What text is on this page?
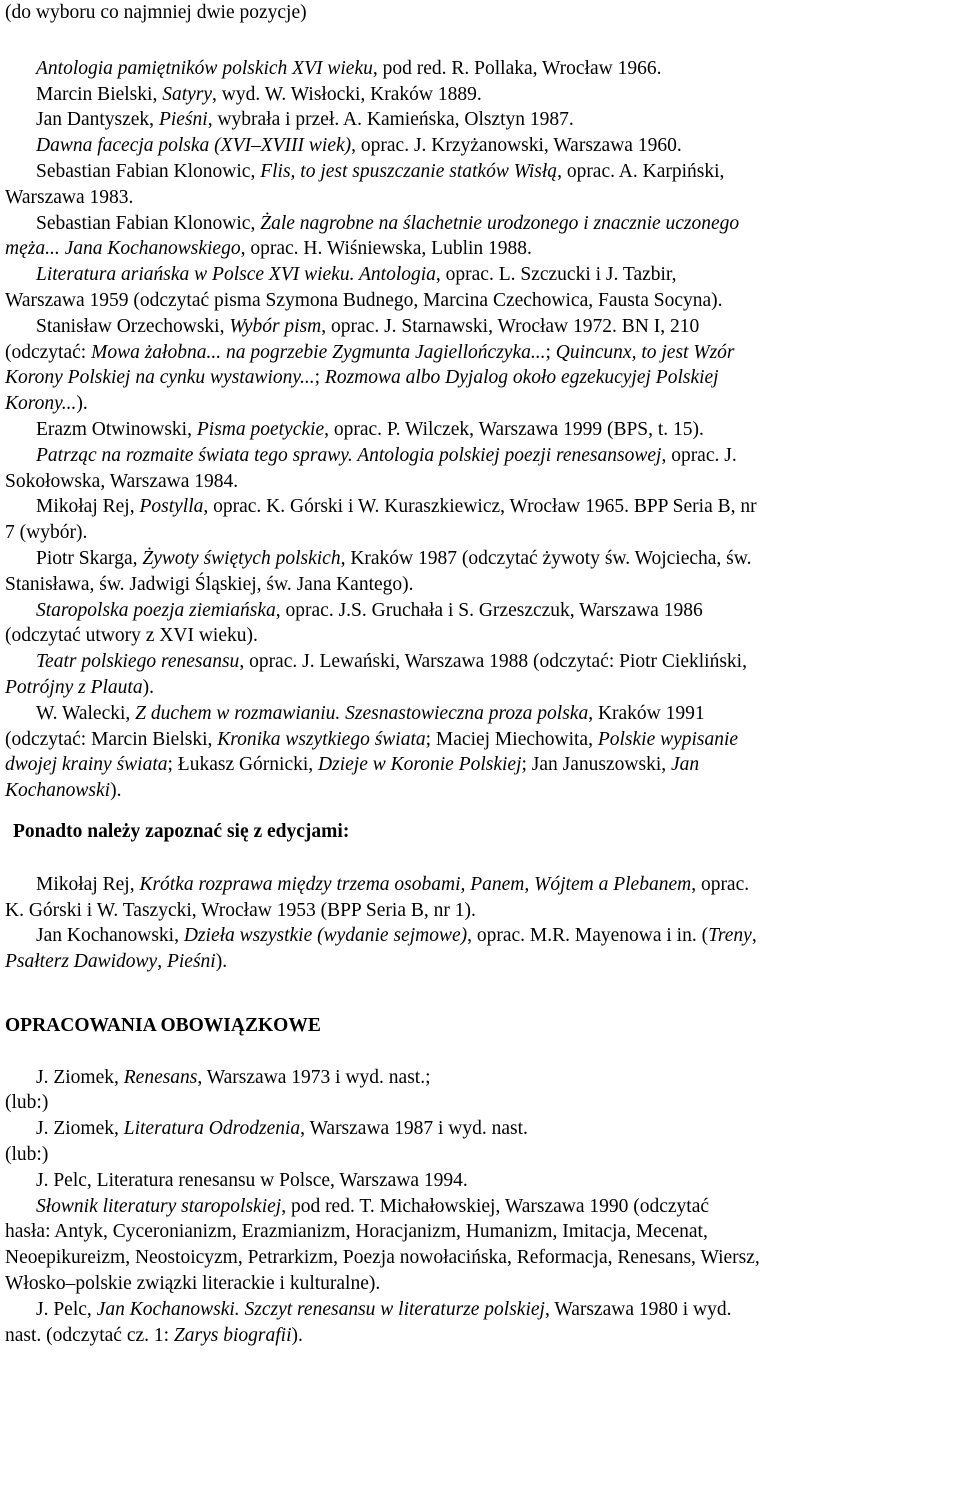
(do wyboru co najmniej dwie pozycje)
Antologia pamiętników polskich XVI wieku, pod red. R. Pollaka, Wrocław 1966.
Marcin Bielski, Satyry, wyd. W. Wisłocki, Kraków 1889.
Jan Dantyszek, Pieśni, wybrała i przeł. A. Kamieńska, Olsztyn 1987.
Dawna facecja polska (XVI–XVIII wiek), oprac. J. Krzyżanowski, Warszawa 1960.
Sebastian Fabian Klonowic, Flis, to jest spuszczanie statków Wisłą, oprac. A. Karpiński,
Warszawa 1983.
Sebastian Fabian Klonowic, Żale nagrobne na ślachetnie urodzonego i znacznie uczonego
męża... Jana Kochanowskiego, oprac. H. Wiśniewska, Lublin 1988.
Literatura ariańska w Polsce XVI wieku. Antologia, oprac. L. Szczucki i J. Tazbir,
Warszawa 1959 (odczytać pisma Szymona Budnego, Marcina Czechowica, Fausta Socyna).
Stanisław Orzechowski, Wybór pism, oprac. J. Starnawski, Wrocław 1972. BN I, 210
(odczytać: Mowa żałobna... na pogrzebie Zygmunta Jagiellończyka...; Quincunx, to jest Wzór
Korony Polskiej na cynku wystawiony...; Rozmowa albo Dyjalog około egzekucyjej Polskiej
Korony...).
Erazm Otwinowski, Pisma poetyckie, oprac. P. Wilczek, Warszawa 1999 (BPS, t. 15).
Patrząc na rozmaite świata tego sprawy. Antologia polskiej poezji renesansowej, oprac. J.
Sokołowska, Warszawa 1984.
Mikołaj Rej, Postylla, oprac. K. Górski i W. Kuraszkiewicz, Wrocław 1965. BPP Seria B, nr
7 (wybór).
Piotr Skarga, Żywoty świętych polskich, Kraków 1987 (odczytać żywoty św. Wojciecha, św.
Stanisława, św. Jadwigi Śląskiej, św. Jana Kantego).
Staropolska poezja ziemiańska, oprac. J.S. Gruchała i S. Grzeszczuk, Warszawa 1986
(odczytać utwory z XVI wieku).
Teatr polskiego renesansu, oprac. J. Lewański, Warszawa 1988 (odczytać: Piotr Ciekliński,
Potrójny z Plauta).
W. Walecki, Z duchem w rozmawianiu. Szesnastowieczna proza polska, Kraków 1991
(odczytać: Marcin Bielski, Kronika wszytkiego świata; Maciej Miechowita, Polskie wypisanie
dwojej krainy świata; Łukasz Górnicki, Dzieje w Koronie Polskiej; Jan Januszowski, Jan
Kochanowski).
Ponadto należy zapoznać się z edycjami:
Mikołaj Rej, Krótka rozprawa między trzema osobami, Panem, Wójtem a Plebanem, oprac.
K. Górski i W. Taszycki, Wrocław 1953 (BPP Seria B, nr 1).
Jan Kochanowski, Dzieła wszystkie (wydanie sejmowe), oprac. M.R. Mayenowa i in. (Treny,
Psałterz Dawidowy, Pieśni).
OPRACOWANIA OBOWIĄZKOWE
J. Ziomek, Renesans, Warszawa 1973 i wyd. nast.;
(lub:)
J. Ziomek, Literatura Odrodzenia, Warszawa 1987 i wyd. nast.
(lub:)
J. Pelc, Literatura renesansu w Polsce, Warszawa 1994.
Słownik literatury staropolskiej, pod red. T. Michałowskiej, Warszawa 1990 (odczytać
hasła: Antyk, Cyceronianizm, Erazmianizm, Horacjanizm, Humanizm, Imitacja, Mecenat,
Neoepikureizm, Neostoicyzm, Petrarkizm, Poezja nowołacińska, Reformacja, Renesans, Wiersz,
Włosko–polskie związki literackie i kulturalne).
J. Pelc, Jan Kochanowski. Szczyt renesansu w literaturze polskiej, Warszawa 1980 i wyd.
nast. (odczytać cz. 1: Zarys biografii).
